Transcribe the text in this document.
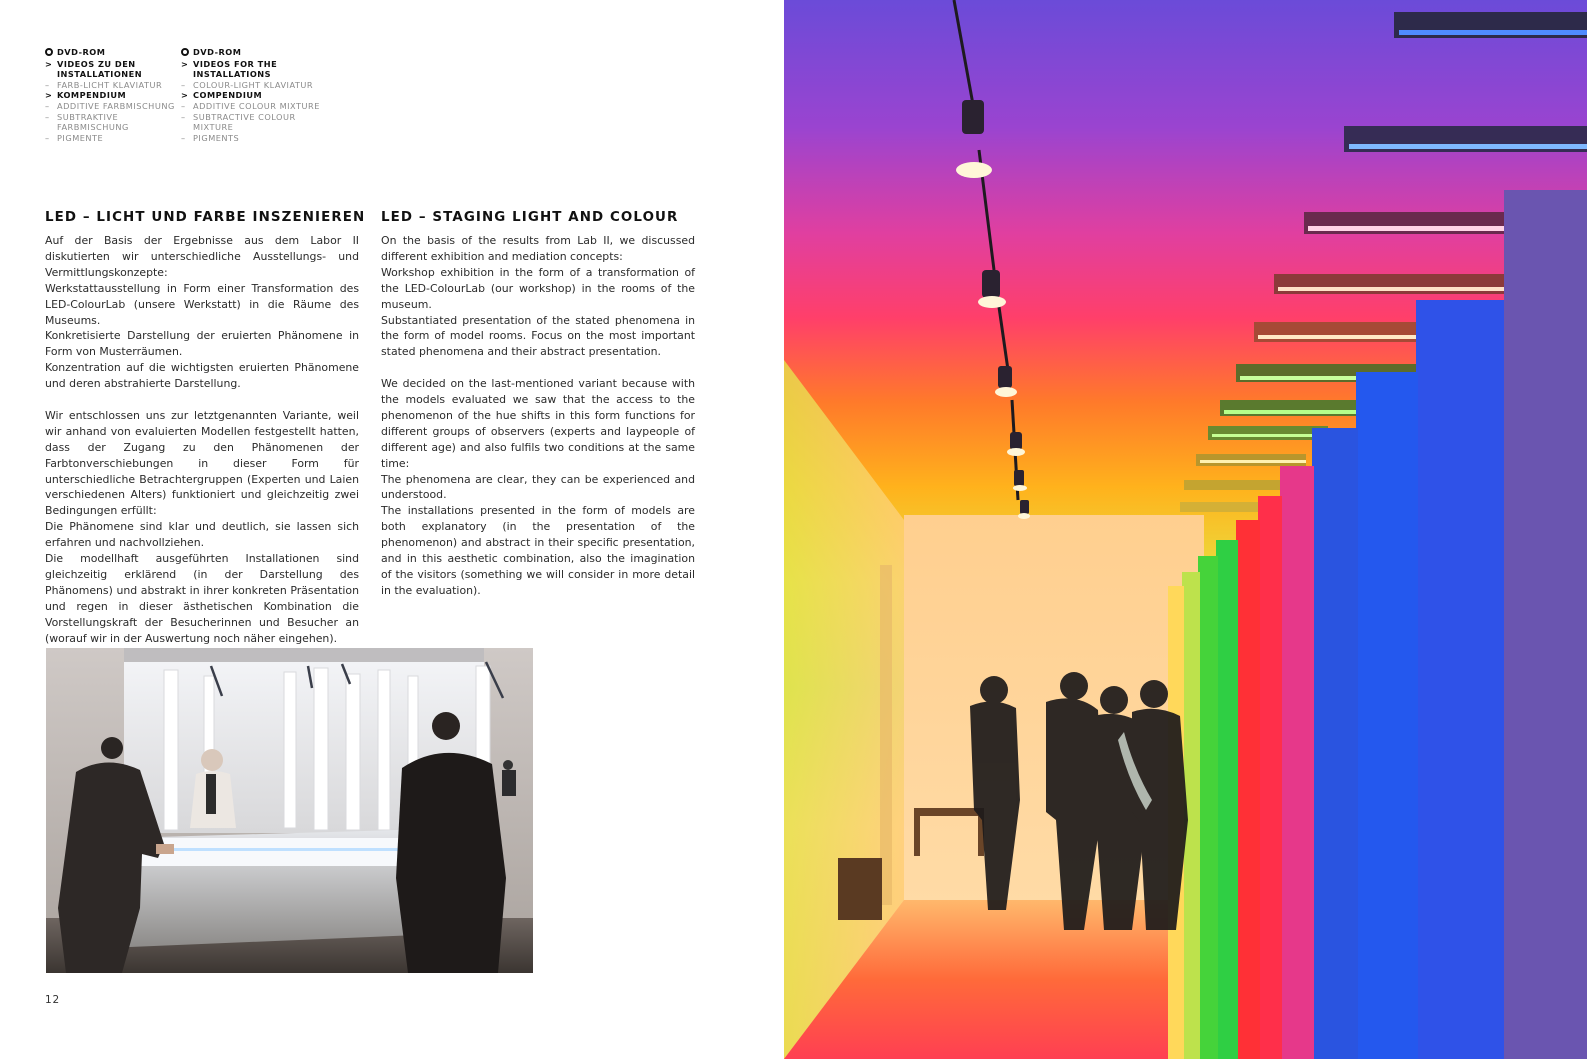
DVD-ROM
> VIDEOS ZU DEN INSTALLATIONEN
– FARB-LICHT KLAVIATUR
> KOMPENDIUM
– ADDITIVE FARBMISCHUNG
– SUBTRAKTIVE FARBMISCHUNG
– PIGMENTE
DVD-ROM
> VIDEOS FOR THE INSTALLATIONS
– COLOUR-LIGHT KLAVIATUR
> COMPENDIUM
– ADDITIVE COLOUR MIXTURE
– SUBTRACTIVE COLOUR MIXTURE
– PIGMENTS
LED – LICHT UND FARBE INSZENIEREN LED – STAGING LIGHT AND COLOUR

Auf der Basis der Ergebnisse aus dem Labor II diskutierten wir unterschiedliche Ausstellungs- und Vermittlungskonzepte:

Werkstattausstellung in Form einer Transformation des LED-ColourLab (unsere Werkstatt) in die Räume des Museums.

Konkretisierte Darstellung der eruierten Phänomene in Form von Musterräumen.

Konzentration auf die wichtigsten eruierten Phänomene und deren abstrahierte Darstellung.

Wir entschlossen uns zur letztgenannten Variante, weil wir anhand von evaluierten Modellen festgestellt hatten, dass der Zugang zu den Phänomenen der Farbtonverschiebungen in dieser Form für unterschiedliche Betrachtergruppen (Experten und Laien verschiedenen Alters) funktioniert und gleichzeitig zwei Bedingungen erfüllt:

Die Phänomene sind klar und deutlich, sie lassen sich erfahren und nachvollziehen.

Die modellhaft ausgeführten Installationen sind gleichzeitig erklärend (in der Darstellung des Phänomens) und abstrakt in ihrer konkreten Präsentation und regen in dieser ästhetischen Kombination die Vorstellungskraft der Besucherinnen und Besucher an (worauf wir in der Auswertung noch näher eingehen).

On the basis of the results from Lab II, we discussed different exhibition and mediation concepts:

Workshop exhibition in the form of a transformation of the LED-ColourLab (our workshop) in the rooms of the museum.

Substantiated presentation of the stated phenomena in the form of model rooms. Focus on the most important stated phenomena and their abstract presentation.

We decided on the last-mentioned variant because with the models evaluated we saw that the access to the phenomenon of the hue shifts in this form functions for different groups of observers (experts and laypeople of different age) and also fulfils two conditions at the same time:

The phenomena are clear, they can be experienced and understood.

The installations presented in the form of models are both explanatory (in the presentation of the phenomenon) and abstract in their specific presentation, and in this aesthetic combination, also the imagination of the visitors (something we will consider in more detail in the evaluation).

12
